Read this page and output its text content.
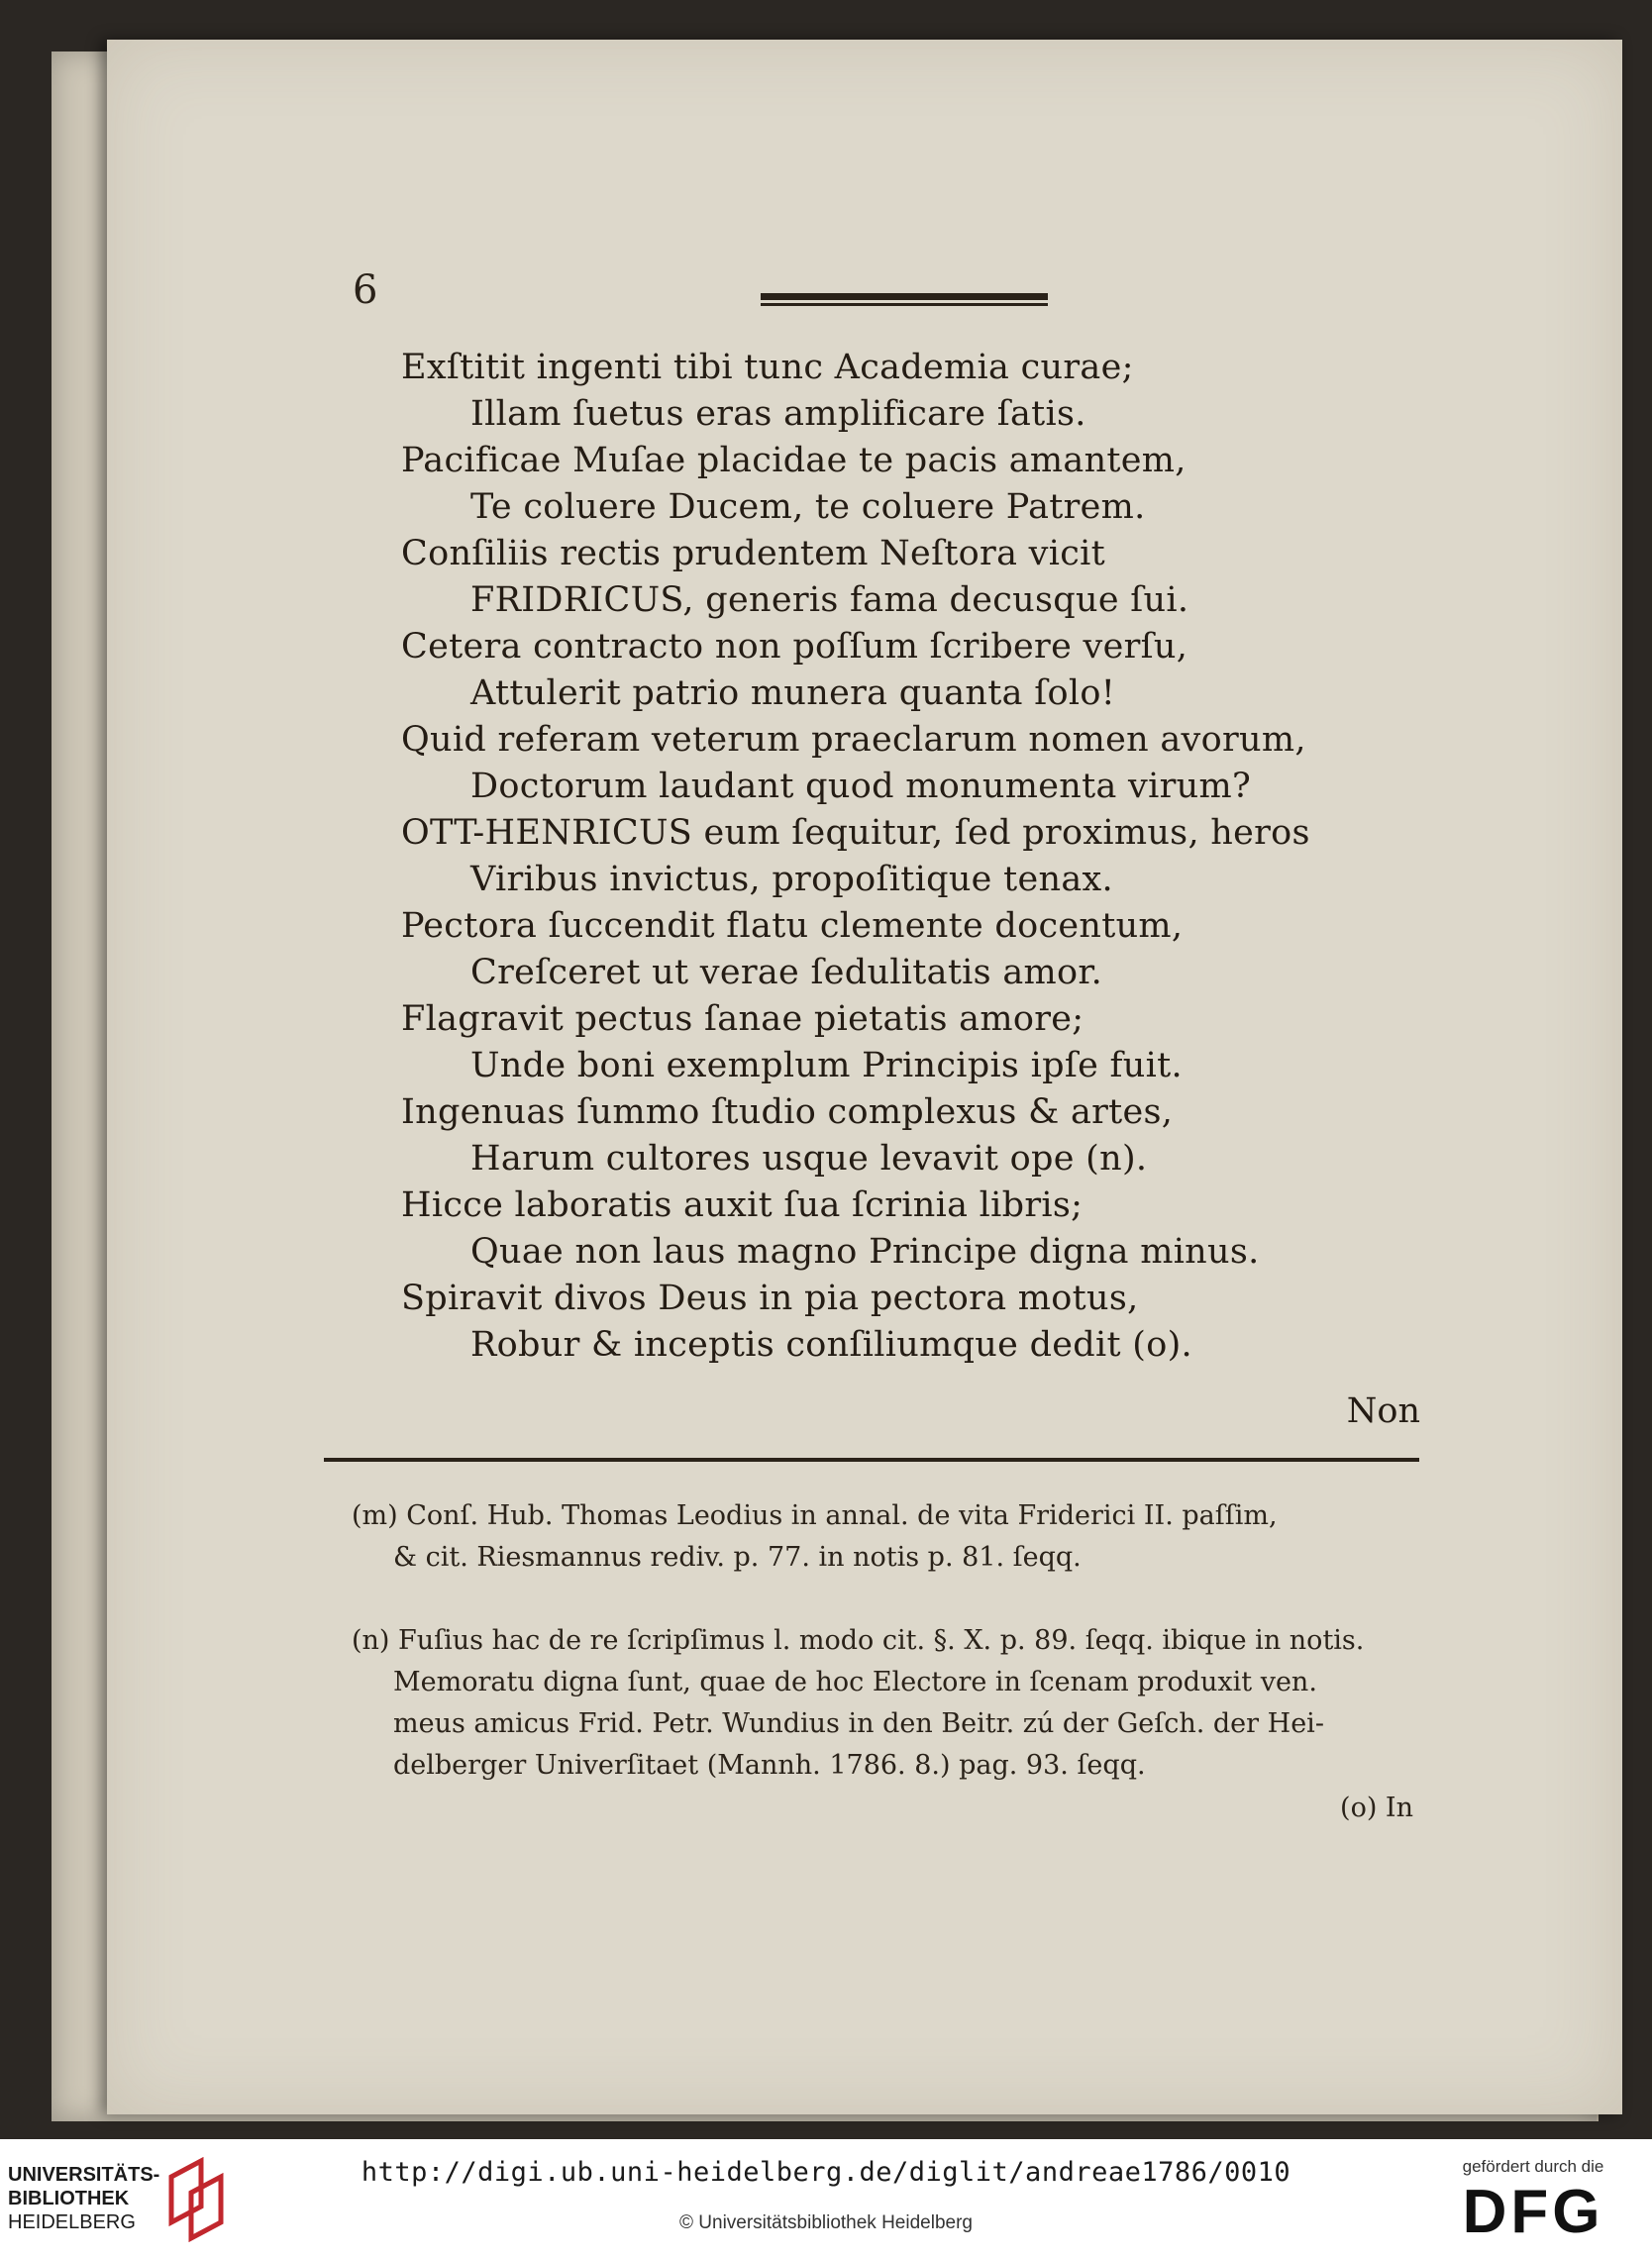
6
Exſtitit ingenti tibi tunc Academia curae;
Illam ſuetus eras amplificare ſatis.
Pacificae Muſae placidae te pacis amantem,
Te coluere Ducem, te coluere Patrem.
Conſiliis rectis prudentem Neſtora vicit
FRIDRICUS, generis fama decusque ſui.
Cetera contracto non poſſum ſcribere verſu,
Attulerit patrio munera quanta ſolo!
Quid referam veterum praeclarum nomen avorum,
Doctorum laudant quod monumenta virum?
OTT-HENRICUS eum ſequitur, ſed proximus, heros
Viribus invictus, propoſitique tenax.
Pectora ſuccendit flatu clemente docentum,
Creſceret ut verae ſedulitatis amor.
Flagravit pectus ſanae pietatis amore;
Unde boni exemplum Principis ipſe fuit.
Ingenuas ſummo ſtudio complexus & artes,
Harum cultores usque levavit ope (n).
Hicce laboratis auxit ſua ſcrinia libris;
Quae non laus magno Principe digna minus.
Spiravit divos Deus in pia pectora motus,
Robur & inceptis conſiliumque dedit (o).
Non
(m) Conſ. Hub. Thomas Leodius in annal. de vita Friderici II. paſſim,
& cit. Riesmannus rediv. p. 77. in notis p. 81. ſeqq.
(n) Fuſius hac de re ſcripſimus l. modo cit. §. X. p. 89. ſeqq. ibique in notis.
Memoratu digna ſunt, quae de hoc Electore in ſcenam produxit ven.
meus amicus Frid. Petr. Wundius in den Beitr. zú der Geſch. der Hei-
delberger Univerſitaet (Mannh. 1786. 8.) pag. 93. ſeqq.
(o) In
UNIVERSITÄTS-
BIBLIOTHEK
HEIDELBERG
http://digi.ub.uni-heidelberg.de/diglit/andreae1786/0010
© Universitätsbibliothek Heidelberg
gefördert durch die
DFG
